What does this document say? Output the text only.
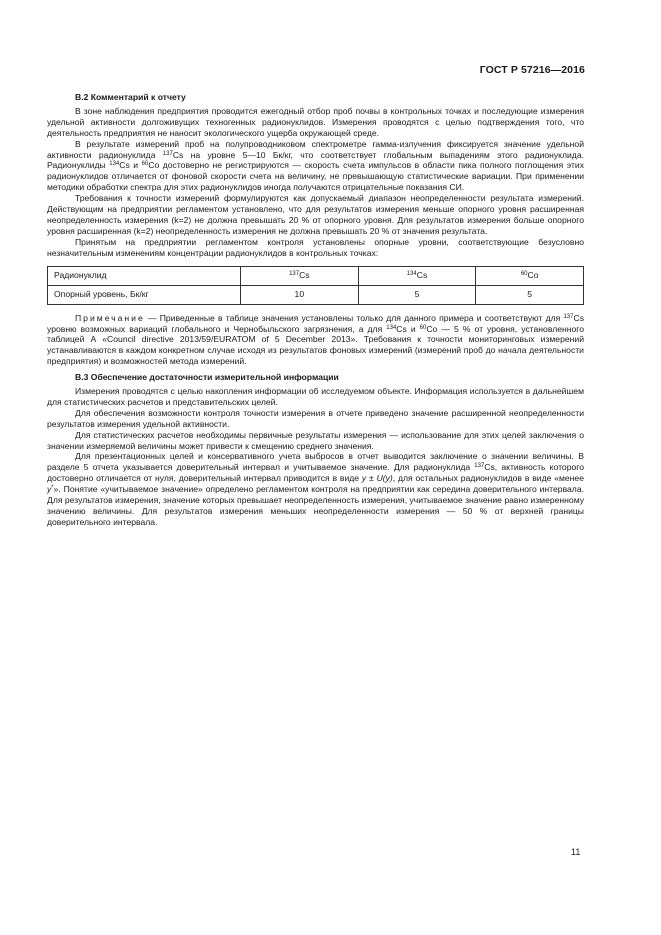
ГОСТ Р 57216—2016
В.2 Комментарий к отчету

В зоне наблюдения предприятия проводится ежегодный отбор проб почвы в контрольных точках и последующие измерения удельной активности долгоживущих техногенных радионуклидов. Измерения проводятся с целью подтверждения того, что деятельность предприятия не наносит экологического ущерба окружающей среде.

В результате измерений проб на полупроводниковом спектрометре гамма-излучения фиксируется значение удельной активности радионуклида $^{137}$Cs на уровне 5—10 Бк/кг, что соответствует глобальным выпадениям этого радионуклида. Радионуклиды $^{134}$Cs и $^{60}$Co достоверно не регистрируются — скорость счета импульсов в области пика полного поглощения этих радионуклидов отличается от фоновой скорости счета на величину, не превышающую статистические вариации. При применении методики обработки спектра для этих радионуклидов иногда получаются отрицательные показания СИ.

Требования к точности измерений формулируются как допускаемый диапазон неопределенности результата измерений. Действующим на предприятии регламентом установлено, что для результатов измерения меньше опорного уровня расширенная неопределенность измерения (k=2) не должна превышать 20 % от опорного уровня. Для результатов измерения больше опорного уровня расширенная (k=2) неопределенность измерения не должна превышать 20 % от значения результата.

Принятым на предприятии регламентом контроля установлены опорные уровни, соответствующие безусловно незначительным изменениям концентрации радионуклидов в контрольных точках:

Радионуклид	$^{137}$Cs	$^{134}$Cs	$^{60}$Co
Опорный уровень, Бк/кг	10	5	5

Примечание — Приведенные в таблице значения установлены только для данного примера и соответствуют для $^{137}$Cs уровню возможных вариаций глобального и Чернобыльского загрязнения, а для $^{134}$Cs и $^{60}$Co — 5 % от уровня, установленного таблицей А «Council directive 2013/59/EURATOM of 5 December 2013». Требования к точности мониторинговых измерений устанавливаются в каждом конкретном случае исходя из результатов фоновых измерений (измерений проб до начала деятельности предприятия) и возможностей метода измерений.

В.3 Обеспечение достаточности измерительной информации

Измерения проводятся с целью накопления информации об исследуемом объекте. Информация используется в дальнейшем для статистических расчетов и представительских целей.

Для обеспечения возможности контроля точности измерения в отчете приведено значение расширенной неопределенности результатов измерения удельной активности.

Для статистических расчетов необходимы первичные результаты измерения — использование для этих целей заключения о значении измеряемой величины может привести к смещению среднего значения.

Для презентационных целей и консервативного учета выбросов в отчет выводится заключение о значении величины. В разделе 5 отчета указывается доверительный интервал и учитываемое значение. Для радионуклида $^{137}$Cs, активность которого достоверно отличается от нуля, доверительный интервал приводится в виде y ± U(y), для остальных радионуклидов в виде «менее y*». Понятие «учитываемое значение» определено регламентом контроля на предприятии как середина доверительного интервала. Для результатов измерения, значение которых превышает неопределенность измерения, учитываемое значение равно измеренному значению величины. Для результатов измерения меньших неопределенности измерения — 50 % от верхней границы доверительного интервала.

11
